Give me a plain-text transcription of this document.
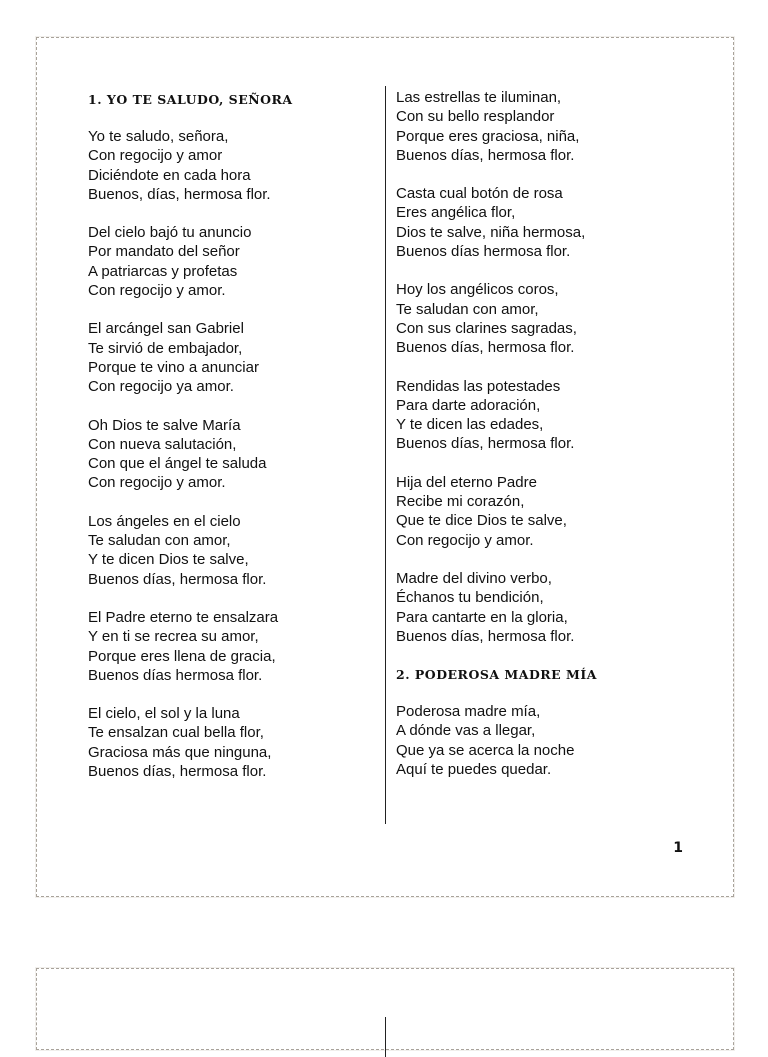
1. YO TE SALUDO, SEÑORA
Yo te saludo, señora,
Con regocijo y amor
Diciéndote en cada hora
Buenos, días, hermosa flor.
Del cielo bajó tu anuncio
Por mandato del señor
A patriarcas y profetas
Con regocijo y amor.
El arcángel san Gabriel
Te sirvió de embajador,
Porque te vino a anunciar
Con regocijo ya amor.
Oh Dios te salve María
Con nueva salutación,
Con que el ángel te saluda
Con regocijo y amor.
Los ángeles en el cielo
Te saludan con amor,
Y te dicen Dios te salve,
Buenos días, hermosa flor.
El Padre eterno te ensalzara
Y en ti se recrea su amor,
Porque eres llena de gracia,
Buenos días hermosa flor.
El cielo, el sol y la luna
Te ensalzan cual bella flor,
Graciosa más que ninguna,
Buenos días, hermosa flor.
Las estrellas te iluminan,
Con su bello resplandor
Porque eres graciosa, niña,
Buenos días, hermosa flor.
Casta cual botón de rosa
Eres angélica flor,
Dios te salve, niña hermosa,
Buenos días hermosa flor.
Hoy los angélicos coros,
Te saludan con amor,
Con sus clarines sagradas,
Buenos días, hermosa flor.
Rendidas las potestades
Para darte adoración,
Y te dicen las edades,
Buenos días, hermosa flor.
Hija del eterno Padre
Recibe mi corazón,
Que te dice Dios te salve,
Con regocijo y amor.
Madre del divino verbo,
Échanos tu bendición,
Para cantarte en la gloria,
Buenos días, hermosa flor.
2. PODEROSA MADRE MÍA
Poderosa madre mía,
A dónde vas a llegar,
Que ya se acerca la noche
Aquí te puedes quedar.
1
